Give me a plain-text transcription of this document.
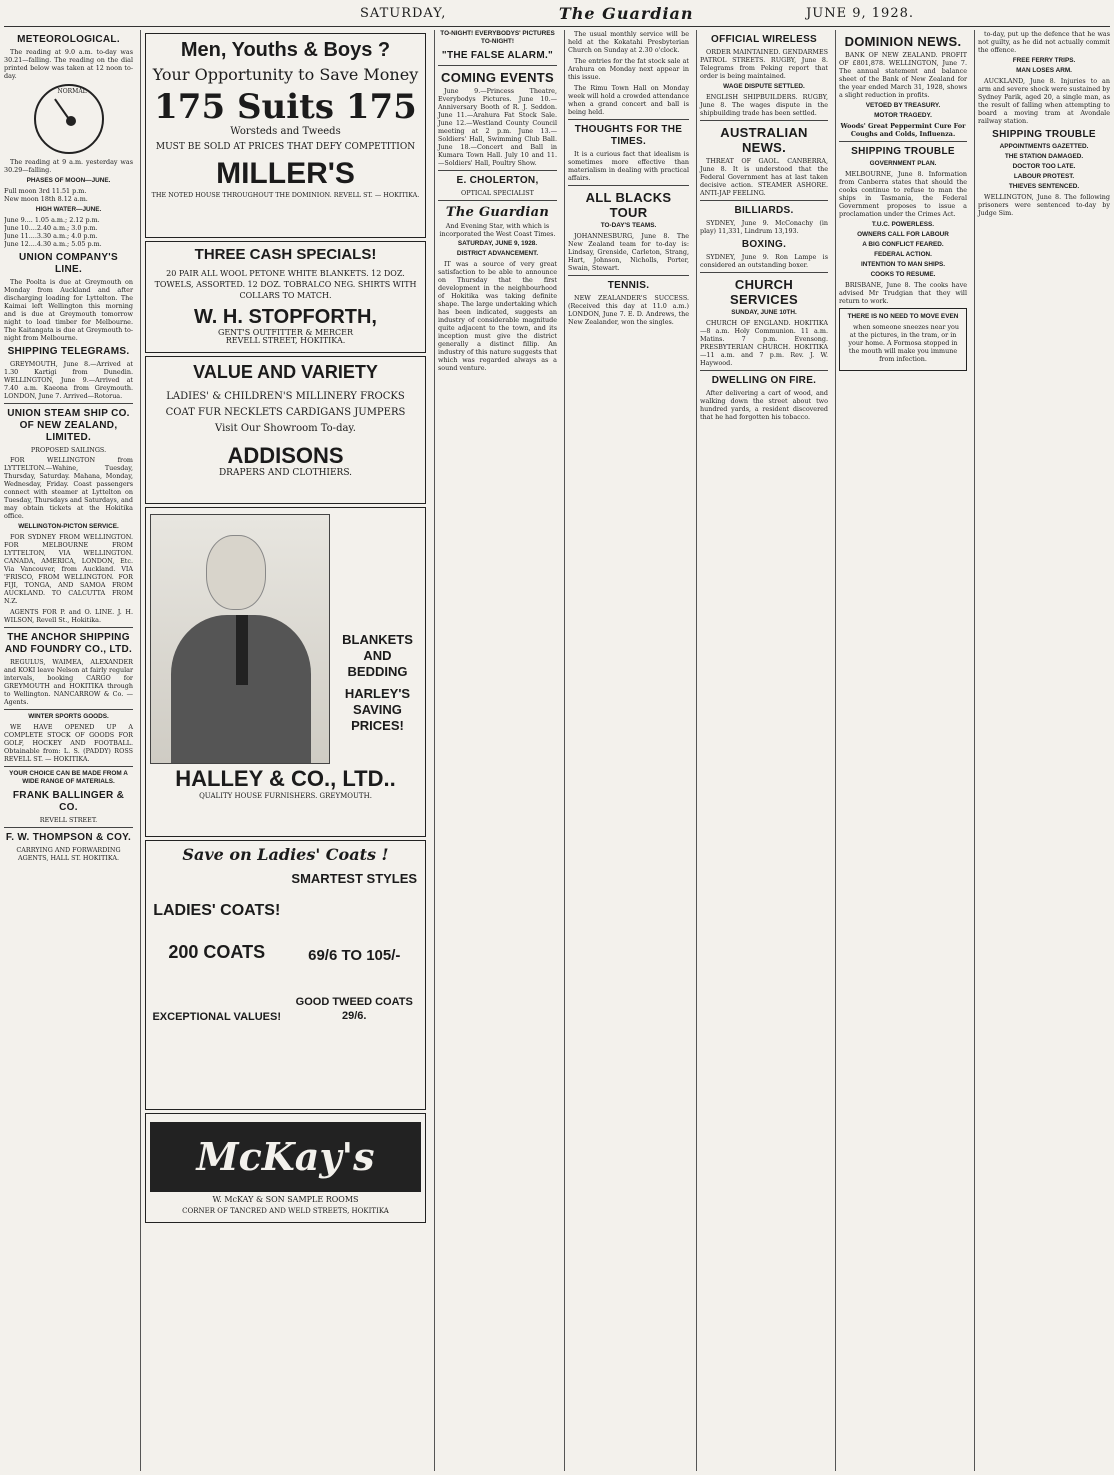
SATURDAY,	The Guardian	JUNE 9, 1928.
METEOROLOGICAL.
The reading at 9.0 a.m. to-day was 30.21—falling. The reading on the dial printed below was taken at 12 noon to-day.
NORMAL
The reading at 9 a.m. yesterday was 30.29—falling.
PHASES OF MOON—JUNE.
Full moon 3rd 11.51 p.m.
New moon 18th 8.12 a.m.
HIGH WATER—JUNE.
June 9.... 1.05 a.m.; 2.12 p.m.
June 10....2.40 a.m.; 3.0 p.m.
June 11....3.30 a.m.; 4.0 p.m.
June 12....4.30 a.m.; 5.05 p.m.
UNION COMPANY'S LINE.
The Poolta is due at Greymouth on Monday from Auckland and after discharging loading for Lyttelton. The Kaimai left Wellington this morning and is due at Greymouth tomorrow night to load timber for Melbourne. The Kaitangata is due at Greymouth to-night from Melbourne.
SHIPPING TELEGRAMS.
GREYMOUTH, June 8.—Arrived at 1.30 Kartigi from Dunedin. WELLINGTON, June 9.—Arrived at 7.40 a.m. Kaeona from Greymouth. LONDON, June 7. Arrived—Rotorua.
UNION STEAM SHIP CO. OF NEW ZEALAND, LIMITED.
PROPOSED SAILINGS.
FOR WELLINGTON from LYTTELTON.—Wahine, Tuesday, Thursday, Saturday. Mahana, Monday, Wednesday, Friday. Coast passengers connect with steamer at Lyttelton on Tuesday, Thursdays and Saturdays, and may obtain tickets at the Hokitika office.
WELLINGTON-PICTON SERVICE.
FOR SYDNEY FROM WELLINGTON. FOR MELBOURNE FROM LYTTELTON, VIA WELLINGTON. CANADA, AMERICA, LONDON, Etc. Via Vancouver, from Auckland. VIA 'FRISCO, FROM WELLINGTON. FOR FIJI, TONGA, AND SAMOA FROM AUCKLAND. TO CALCUTTA FROM N.Z.
AGENTS FOR P. and O. LINE. J. H. WILSON, Revell St., Hokitika.
THE ANCHOR SHIPPING AND FOUNDRY CO., LTD.
REGULUS, WAIMEA, ALEXANDER and KOKI leave Nelson at fairly regular intervals, booking CARGO for GREYMOUTH and HOKITIKA through to Wellington. NANCARROW & Co. — Agents.
WINTER SPORTS GOODS.
WE HAVE OPENED UP A COMPLETE STOCK OF GOODS FOR GOLF, HOCKEY AND FOOTBALL. Obtainable from: L. S. (PADDY) ROSS REVELL ST. — HOKITIKA.
YOUR CHOICE CAN BE MADE FROM A WIDE RANGE OF MATERIALS.
FRANK BALLINGER & CO.
REVELL STREET.
F. W. THOMPSON & COY.
CARRYING AND FORWARDING AGENTS, HALL ST. HOKITIKA.
Men, Youths & Boys ?
Your Opportunity to Save Money
175 Suits 175
Worsteds and Tweeds
MUST BE SOLD AT PRICES THAT DEFY COMPETITION
MILLER'S
THE NOTED HOUSE THROUGHOUT THE DOMINION. REVELL ST. — HOKITIKA.
THREE CASH SPECIALS!
20 PAIR ALL WOOL PETONE WHITE BLANKETS. 12 DOZ. TOWELS, ASSORTED. 12 DOZ. TOBRALCO NEG. SHIRTS WITH COLLARS TO MATCH.
W. H. STOPFORTH,
GENT'S OUTFITTER & MERCER
REVELL STREET, HOKITIKA.
VALUE AND VARIETY
LADIES' & CHILDREN'S MILLINERY FROCKS COAT FUR NECKLETS CARDIGANS JUMPERS Visit Our Showroom To-day.
ADDISONS
DRAPERS AND CLOTHIERS.
BLANKETS AND BEDDING
HARLEY'S SAVING PRICES!
HALLEY & CO., LTD..
QUALITY HOUSE FURNISHERS. GREYMOUTH.
Save on Ladies' Coats !
LADIES' COATS!
200 COATS
EXCEPTIONAL VALUES!
SMARTEST STYLES
69/6 TO 105/-
GOOD TWEED COATS 29/6.
McKay's
W. McKAY & SON SAMPLE ROOMS
CORNER OF TANCRED AND WELD STREETS, HOKITIKA
TO-NIGHT! EVERYBODYS' PICTURES TO-NIGHT!
"THE FALSE ALARM."
COMING EVENTS
June 9.—Princess Theatre, Everybodys Pictures. June 10.—Anniversary Booth of R. J. Seddon. June 11.—Arahura Fat Stock Sale. June 12.—Westland County Council meeting at 2 p.m. June 13.—Soldiers' Hall, Swimming Club Ball. June 18.—Concert and Ball in Kumara Town Hall. July 10 and 11.—Soldiers' Hall, Poultry Show.
E. CHOLERTON,
OPTICAL SPECIALIST
The Guardian
And Evening Star, with which is incorporated the West Coast Times.
SATURDAY, JUNE 9, 1928.
DISTRICT ADVANCEMENT.
IT was a source of very great satisfaction to be able to announce on Thursday that the first development in the neighbourhood of Hokitika was taking definite shape. The large undertaking which has been indicated, suggests an industry of considerable magnitude quite adjacent to the town, and its inception must give the district generally a distinct fillip. An industry of this nature suggests that which was regarded always as a sound venture.
The usual monthly service will be held at the Kokatahi Presbyterian Church on Sunday at 2.30 o'clock.
The entries for the fat stock sale at Arahura on Monday next appear in this issue.
The Rimu Town Hall on Monday week will hold a crowded attendance when a grand concert and ball is being held.
THOUGHTS FOR THE TIMES.
It is a curious fact that idealism is sometimes more effective than materialism in dealing with practical affairs.
ALL BLACKS TOUR
TO-DAY'S TEAMS.
JOHANNESBURG, June 8. The New Zealand team for to-day is: Lindsay, Grenside, Carleton, Strang, Hart, Johnson, Nicholls, Porter, Swain, Stewart.
TENNIS.
NEW ZEALANDER'S SUCCESS. (Received this day at 11.0 a.m.) LONDON, June 7. E. D. Andrews, the New Zealander, won the singles.
OFFICIAL WIRELESS
ORDER MAINTAINED. GENDARMES PATROL STREETS. RUGBY, June 8. Telegrams from Peking report that order is being maintained.
WAGE DISPUTE SETTLED.
ENGLISH SHIPBUILDERS. RUGBY, June 8. The wages dispute in the shipbuilding trade has been settled.
AUSTRALIAN NEWS.
THREAT OF GAOL. CANBERRA, June 8. It is understood that the Federal Government has at last taken decisive action. STEAMER ASHORE. ANTI-JAP FEELING.
BILLIARDS.
SYDNEY, June 9. McConachy (in play) 11,331, Lindrum 13,193.
BOXING.
SYDNEY, June 9. Ron Lampe is considered an outstanding boxer.
CHURCH SERVICES
SUNDAY, JUNE 10TH.
CHURCH OF ENGLAND. HOKITIKA—8 a.m. Holy Communion. 11 a.m. Matins. 7 p.m. Evensong. PRESBYTERIAN CHURCH. HOKITIKA—11 a.m. and 7 p.m. Rev. J. W. Haywood.
DWELLING ON FIRE.
After delivering a cart of wood, and walking down the street about two hundred yards, a resident discovered that he had forgotten his tobacco.
DOMINION NEWS.
BANK OF NEW ZEALAND. PROFIT OF £801,878. WELLINGTON, June 7. The annual statement and balance sheet of the Bank of New Zealand for the year ended March 31, 1928, shows a slight reduction in profits.
VETOED BY TREASURY.
MOTOR TRAGEDY.
Woods' Great Peppermint Cure For Coughs and Colds, Influenza.
SHIPPING TROUBLE
GOVERNMENT PLAN.
MELBOURNE, June 8. Information from Canberra states that should the cooks continue to refuse to man the ships in Tasmania, the Federal Government proposes to issue a proclamation under the Crimes Act.
T.U.C. POWERLESS.
OWNERS CALL FOR LABOUR
A BIG CONFLICT FEARED.
FEDERAL ACTION.
INTENTION TO MAN SHIPS.
COOKS TO RESUME.
BRISBANE, June 8. The cooks have advised Mr Trudgian that they will return to work.
THERE IS NO NEED TO MOVE EVEN
when someone sneezes near you at the pictures, in the tram, or in your home. A Formosa stopped in the mouth will make you immune from infection.
to-day, put up the defence that he was not guilty, as he did not actually commit the offence.
FREE FERRY TRIPS.
MAN LOSES ARM.
AUCKLAND, June 8. Injuries to an arm and severe shock were sustained by Sydney Parik, aged 20, a single man, as the result of falling when attempting to board a moving tram at Avondale railway station.
SHIPPING TROUBLE
APPOINTMENTS GAZETTED.
THE STATION DAMAGED.
DOCTOR TOO LATE.
LABOUR PROTEST.
THIEVES SENTENCED.
WELLINGTON, June 8. The following prisoners were sentenced to-day by Judge Sim.
